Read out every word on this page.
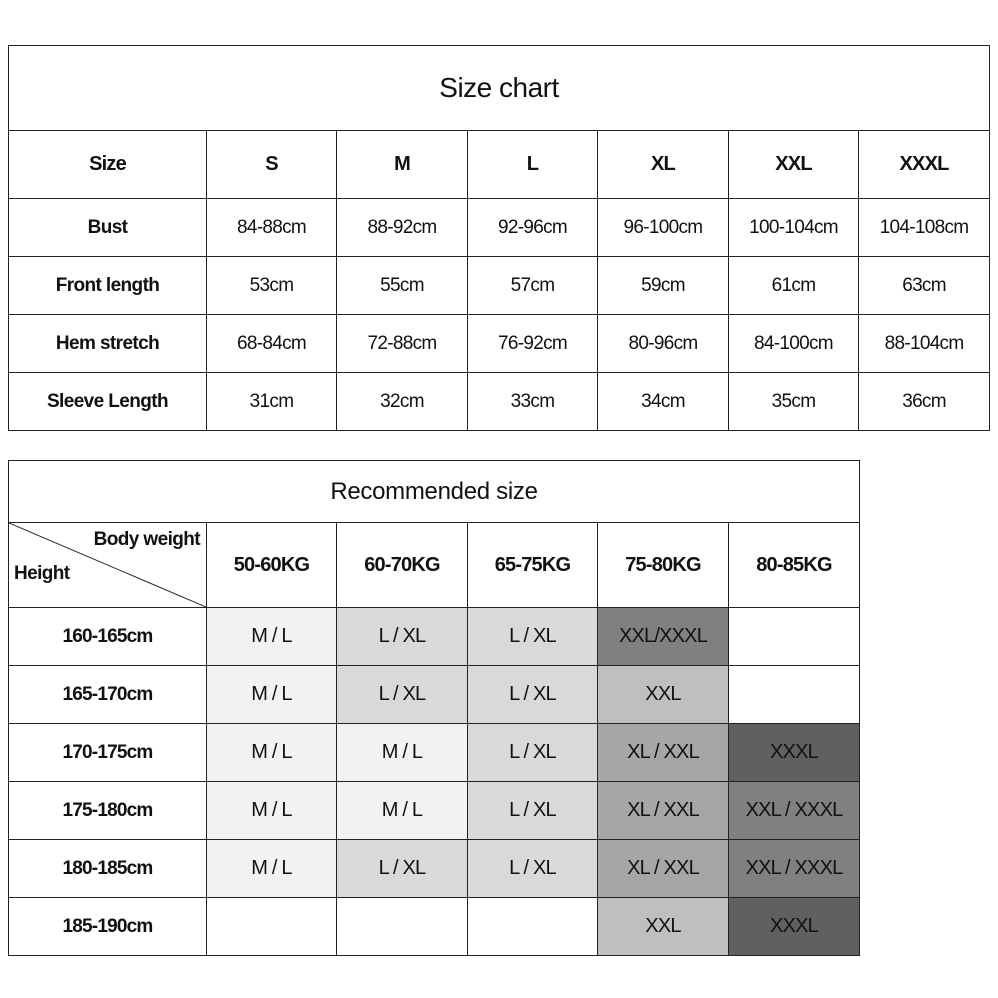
Size chart						
Size	S	M	L	XL	XXL	XXXL
Bust	84-88cm	88-92cm	92-96cm	96-100cm	100-104cm	104-108cm
Front length	53cm	55cm	57cm	59cm	61cm	63cm
Hem stretch	68-84cm	72-88cm	76-92cm	80-96cm	84-100cm	88-104cm
Sleeve Length	31cm	32cm	33cm	34cm	35cm	36cm
Recommended size					

Body weight
Height	50-60KG	60-70KG	65-75KG	75-80KG	80-85KG
160-165cm	M / L	L / XL	L / XL	XXL/XXXL	
165-170cm	M / L	L / XL	L / XL	XXL	
170-175cm	M / L	M / L	L / XL	XL / XXL	XXXL
175-180cm	M / L	M / L	L / XL	XL / XXL	XXL / XXXL
180-185cm	M / L	L / XL	L / XL	XL / XXL	XXL / XXXL
185-190cm				XXL	XXXL
